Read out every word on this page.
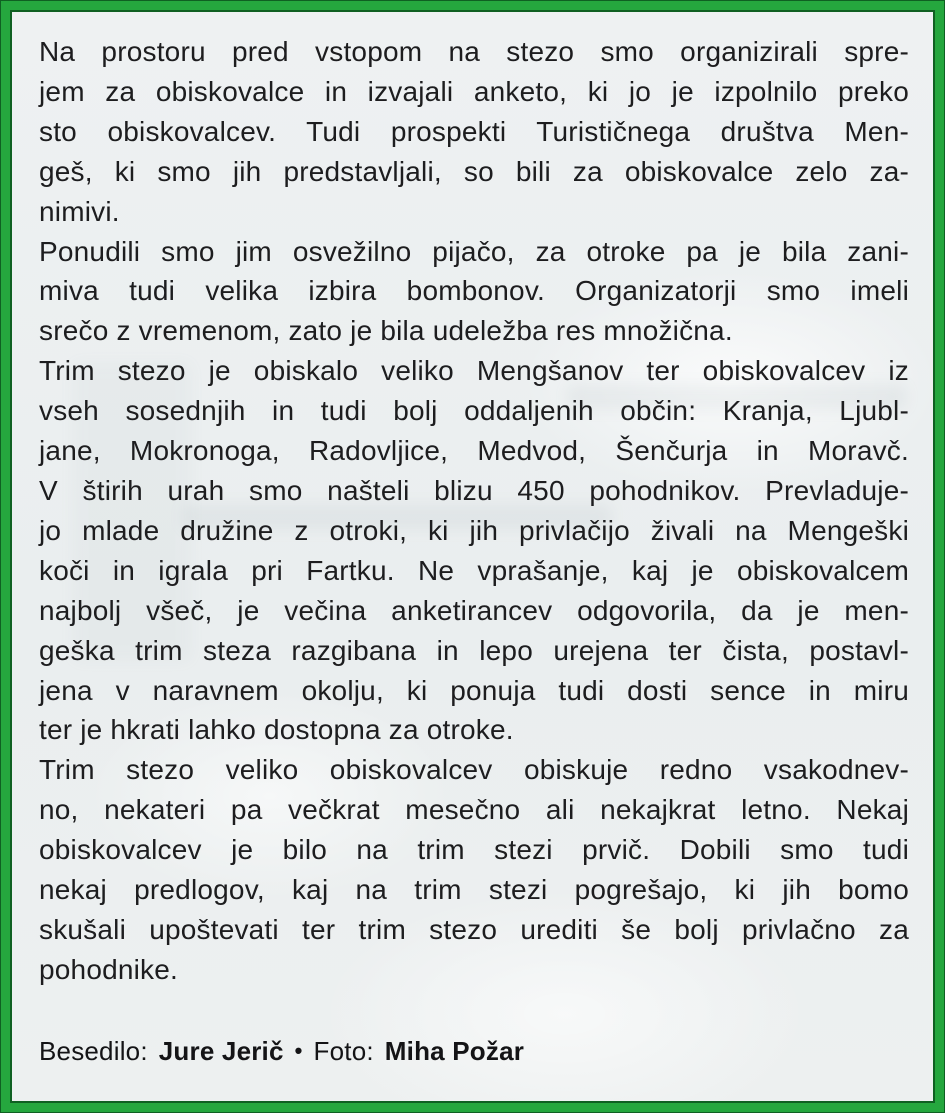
Na prostoru pred vstopom na stezo smo organizirali spre-
jem za obiskovalce in izvajali anketo, ki jo je izpolnilo preko
sto obiskovalcev. Tudi prospekti Turističnega društva Men-
geš, ki smo jih predstavljali, so bili za obiskovalce zelo za-
nimivi.
Ponudili smo jim osvežilno pijačo, za otroke pa je bila zani-
miva tudi velika izbira bombonov. Organizatorji smo imeli
srečo z vremenom, zato je bila udeležba res množična.
Trim stezo je obiskalo veliko Mengšanov ter obiskovalcev iz
vseh sosednjih in tudi bolj oddaljenih občin: Kranja, Ljubl-
jane, Mokronoga, Radovljice, Medvod, Šenčurja in Moravč.
V štirih urah smo našteli blizu 450 pohodnikov. Prevladuje-
jo mlade družine z otroki, ki jih privlačijo živali na Mengeški
koči in igrala pri Fartku. Ne vprašanje, kaj je obiskovalcem
najbolj všeč, je večina anketirancev odgovorila, da je men-
geška trim steza razgibana in lepo urejena ter čista, postavl-
jena v naravnem okolju, ki ponuja tudi dosti sence in miru
ter je hkrati lahko dostopna za otroke.
Trim stezo veliko obiskovalcev obiskuje redno vsakodnev-
no, nekateri pa večkrat mesečno ali nekajkrat letno. Nekaj
obiskovalcev je bilo na trim stezi prvič. Dobili smo tudi
nekaj predlogov, kaj na trim stezi pogrešajo, ki jih bomo
skušali upoštevati ter trim stezo urediti še bolj privlačno za
pohodnike.
Besedilo: Jure Jerič • Foto: Miha Požar
